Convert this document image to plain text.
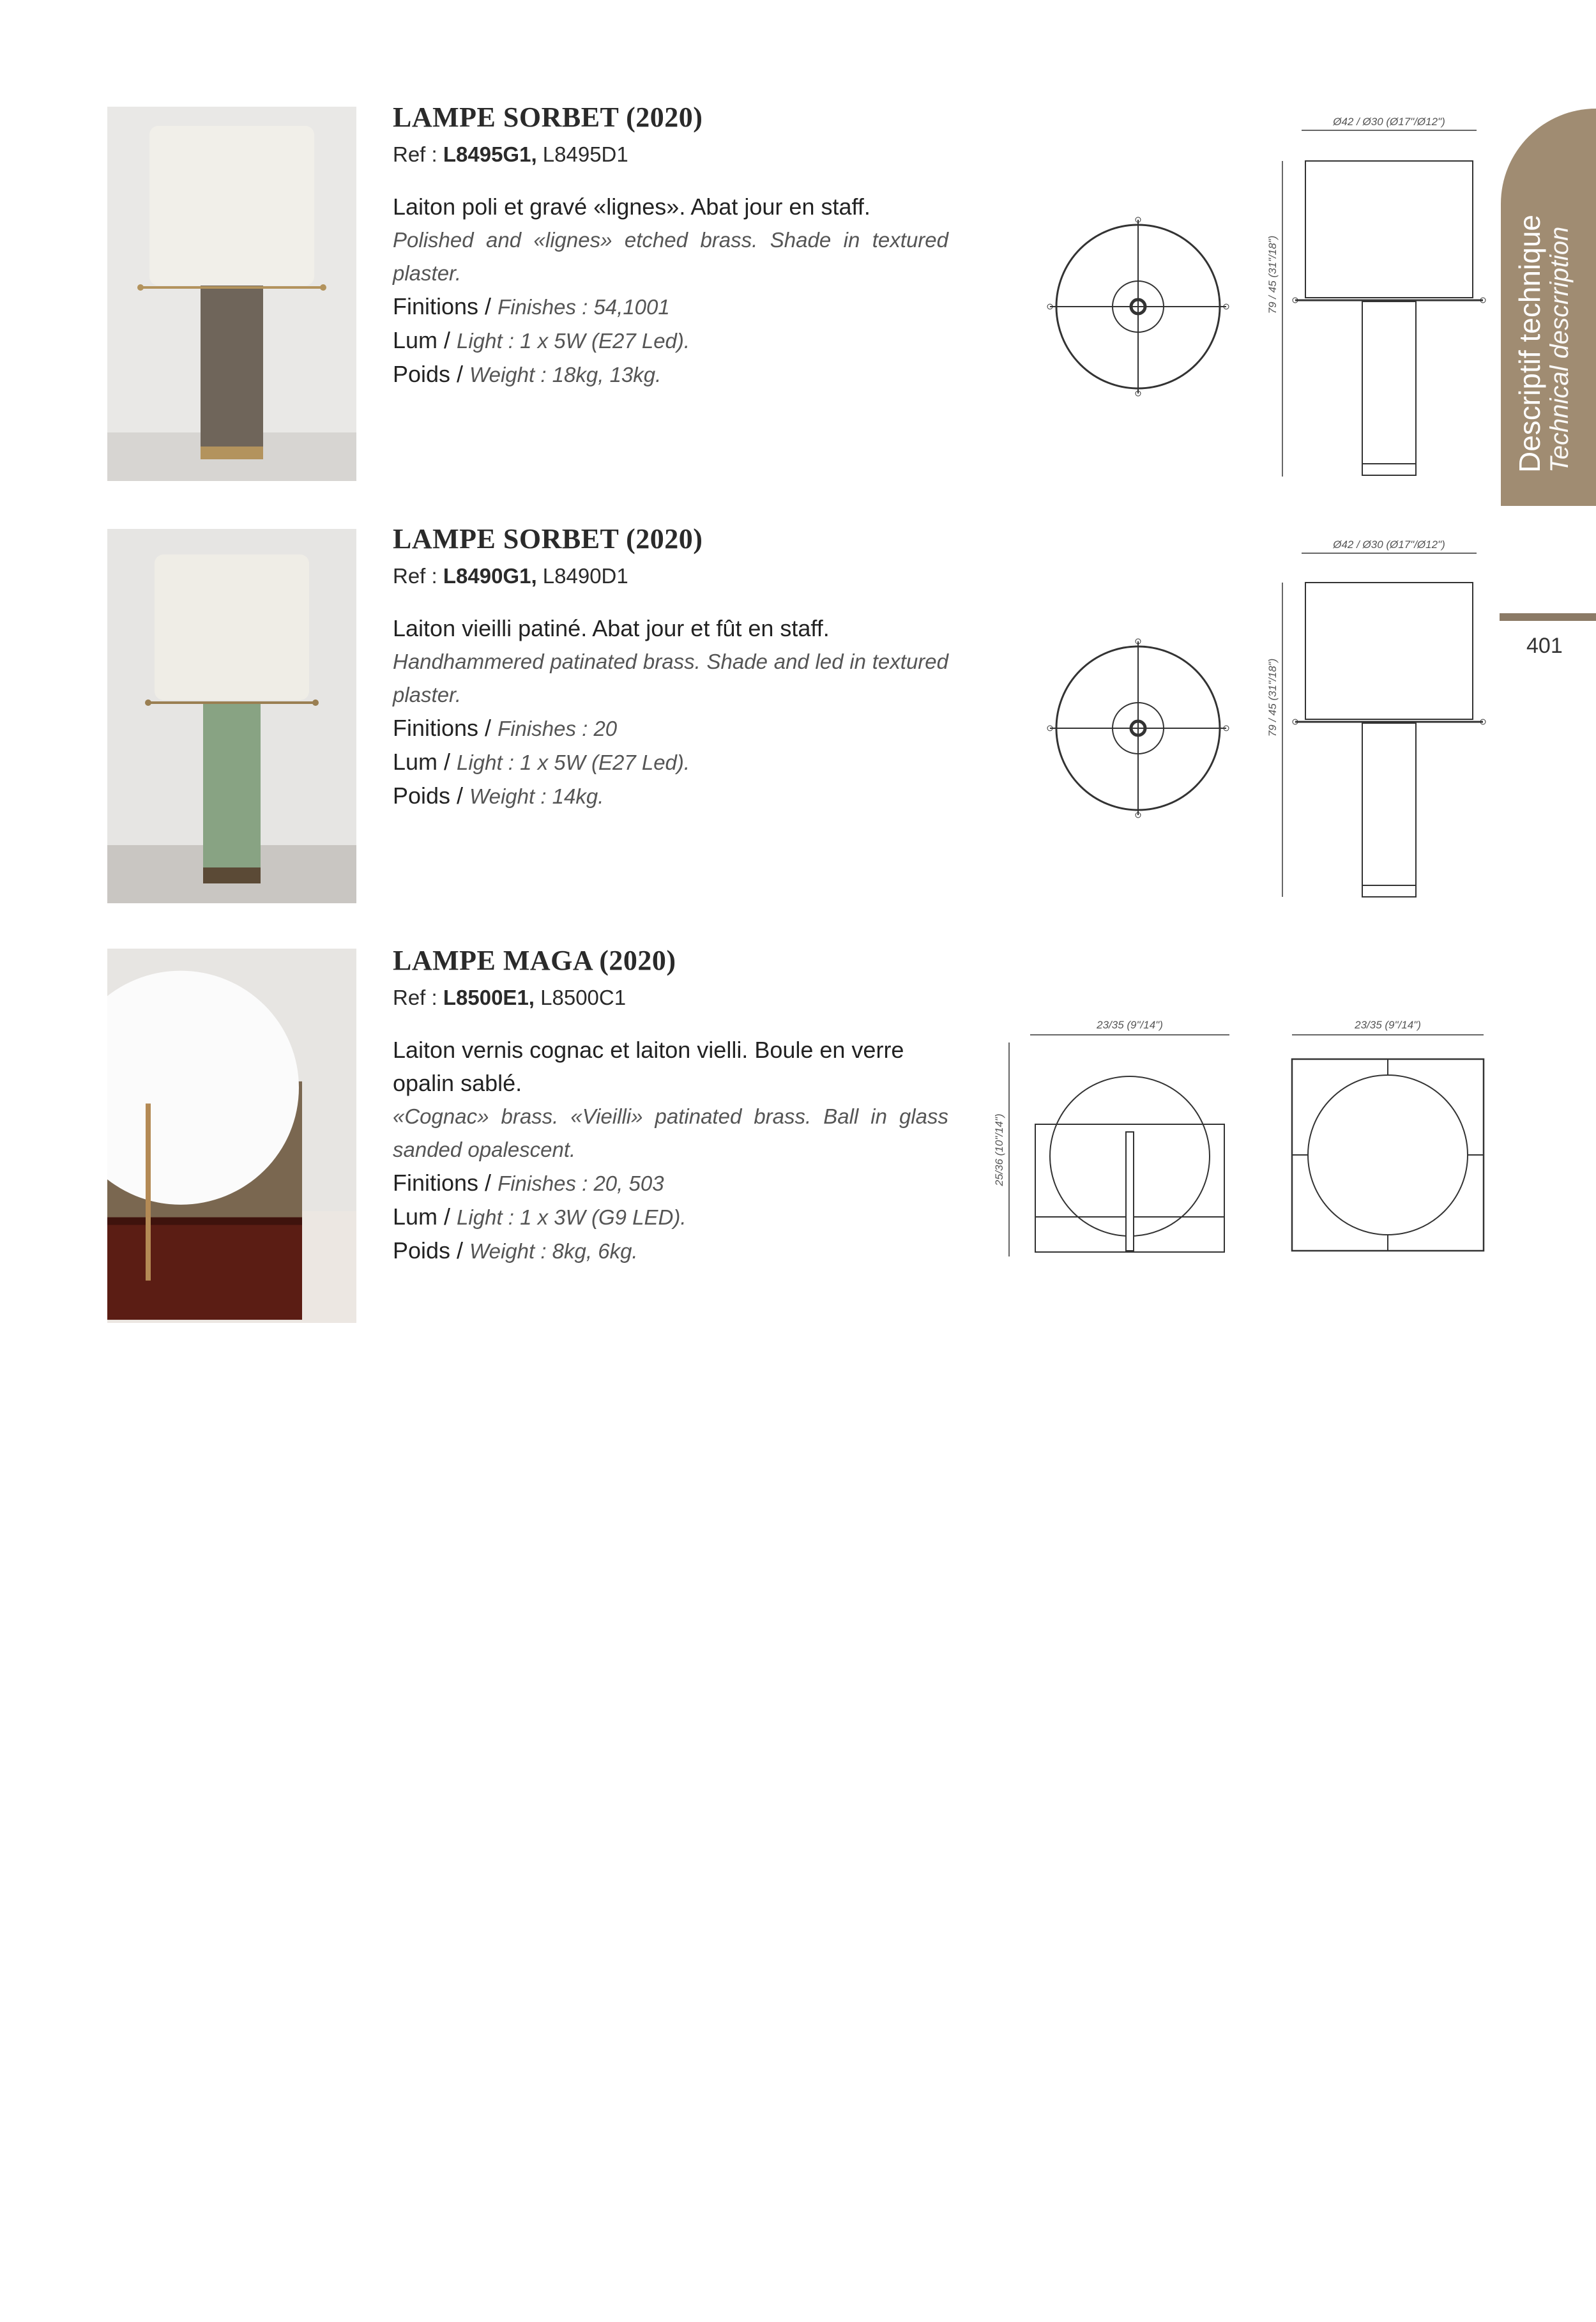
LAMPE SORBET (2020)
Ref : L8495G1, L8495D1
Laiton poli et gravé «lignes». Abat jour en staff.
Polished and «lignes» etched brass. Shade in textured plaster.
Finitions / Finishes : 54,1001
Lum / Light : 1 x 5W (E27 Led).
Poids / Weight : 18kg, 13kg.
Ø42 / Ø30 (Ø17"/Ø12")
79 / 45 (31"/18")
LAMPE SORBET (2020)
Ref : L8490G1, L8490D1
Laiton vieilli patiné. Abat jour et fût en staff.
Handhammered patinated brass. Shade and led in textured plaster.
Finitions / Finishes : 20
Lum / Light : 1 x 5W (E27 Led).
Poids / Weight : 14kg.
Ø42 / Ø30 (Ø17"/Ø12")
79 / 45 (31"/18")
LAMPE MAGA (2020)
Ref : L8500E1, L8500C1
Laiton vernis cognac et laiton vielli. Boule en verre opalin sablé.
«Cognac» brass. «Vieilli» patinated brass. Ball in glass sanded opalescent.
Finitions / Finishes : 20, 503
Lum / Light : 1 x 3W (G9 LED).
Poids / Weight : 8kg, 6kg.
23/35 (9"/14")	23/35 (9"/14")
25/36 (10"/14")
Descriptif technique Technical descrription
401
